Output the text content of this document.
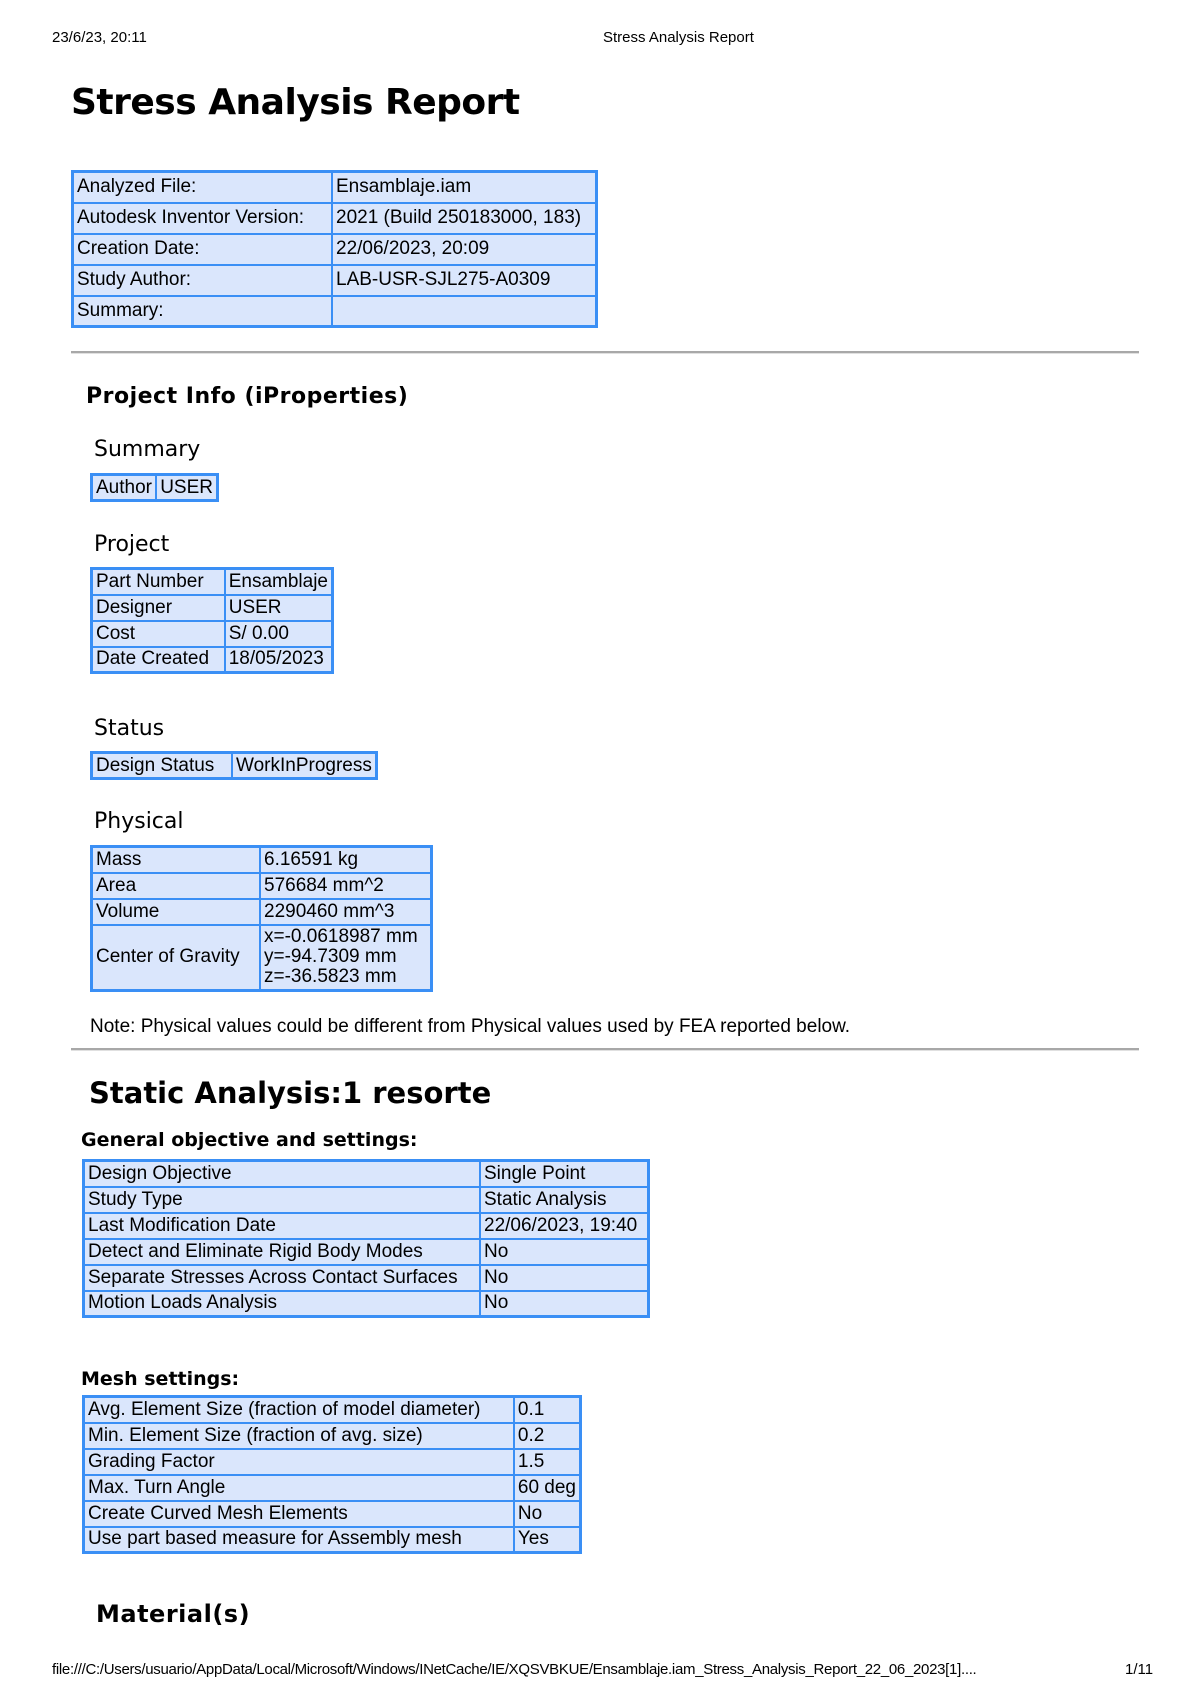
23/6/23, 20:11	Stress Analysis Report
Stress Analysis Report
Analyzed File:	Ensamblaje.iam
Autodesk Inventor Version:	2021 (Build 250183000, 183)
Creation Date:	22/06/2023, 20:09
Study Author:	LAB-USR-SJL275-A0309
Summary:	
Project Info (iProperties)
Summary
Author	USER
Project
Part Number	Ensamblaje
Designer	USER
Cost	S/ 0.00
Date Created	18/05/2023
Status
Design Status	WorkInProgress
Physical
Mass	6.16591 kg
Area	576684 mm^2
Volume	2290460 mm^3
Center of Gravity	x=-0.0618987 mm
y=-94.7309 mm
z=-36.5823 mm
Note: Physical values could be different from Physical values used by FEA reported below.
Static Analysis:1 resorte
General objective and settings:
Design Objective	Single Point
Study Type	Static Analysis
Last Modification Date	22/06/2023, 19:40
Detect and Eliminate Rigid Body Modes	No
Separate Stresses Across Contact Surfaces	No
Motion Loads Analysis	No
Mesh settings:
Avg. Element Size (fraction of model diameter)	0.1
Min. Element Size (fraction of avg. size)	0.2
Grading Factor	1.5
Max. Turn Angle	60 deg
Create Curved Mesh Elements	No
Use part based measure for Assembly mesh	Yes
Material(s)
file:///C:/Users/usuario/AppData/Local/Microsoft/Windows/INetCache/IE/XQSVBKUE/Ensamblaje.iam_Stress_Analysis_Report_22_06_2023[1]....	1/11
